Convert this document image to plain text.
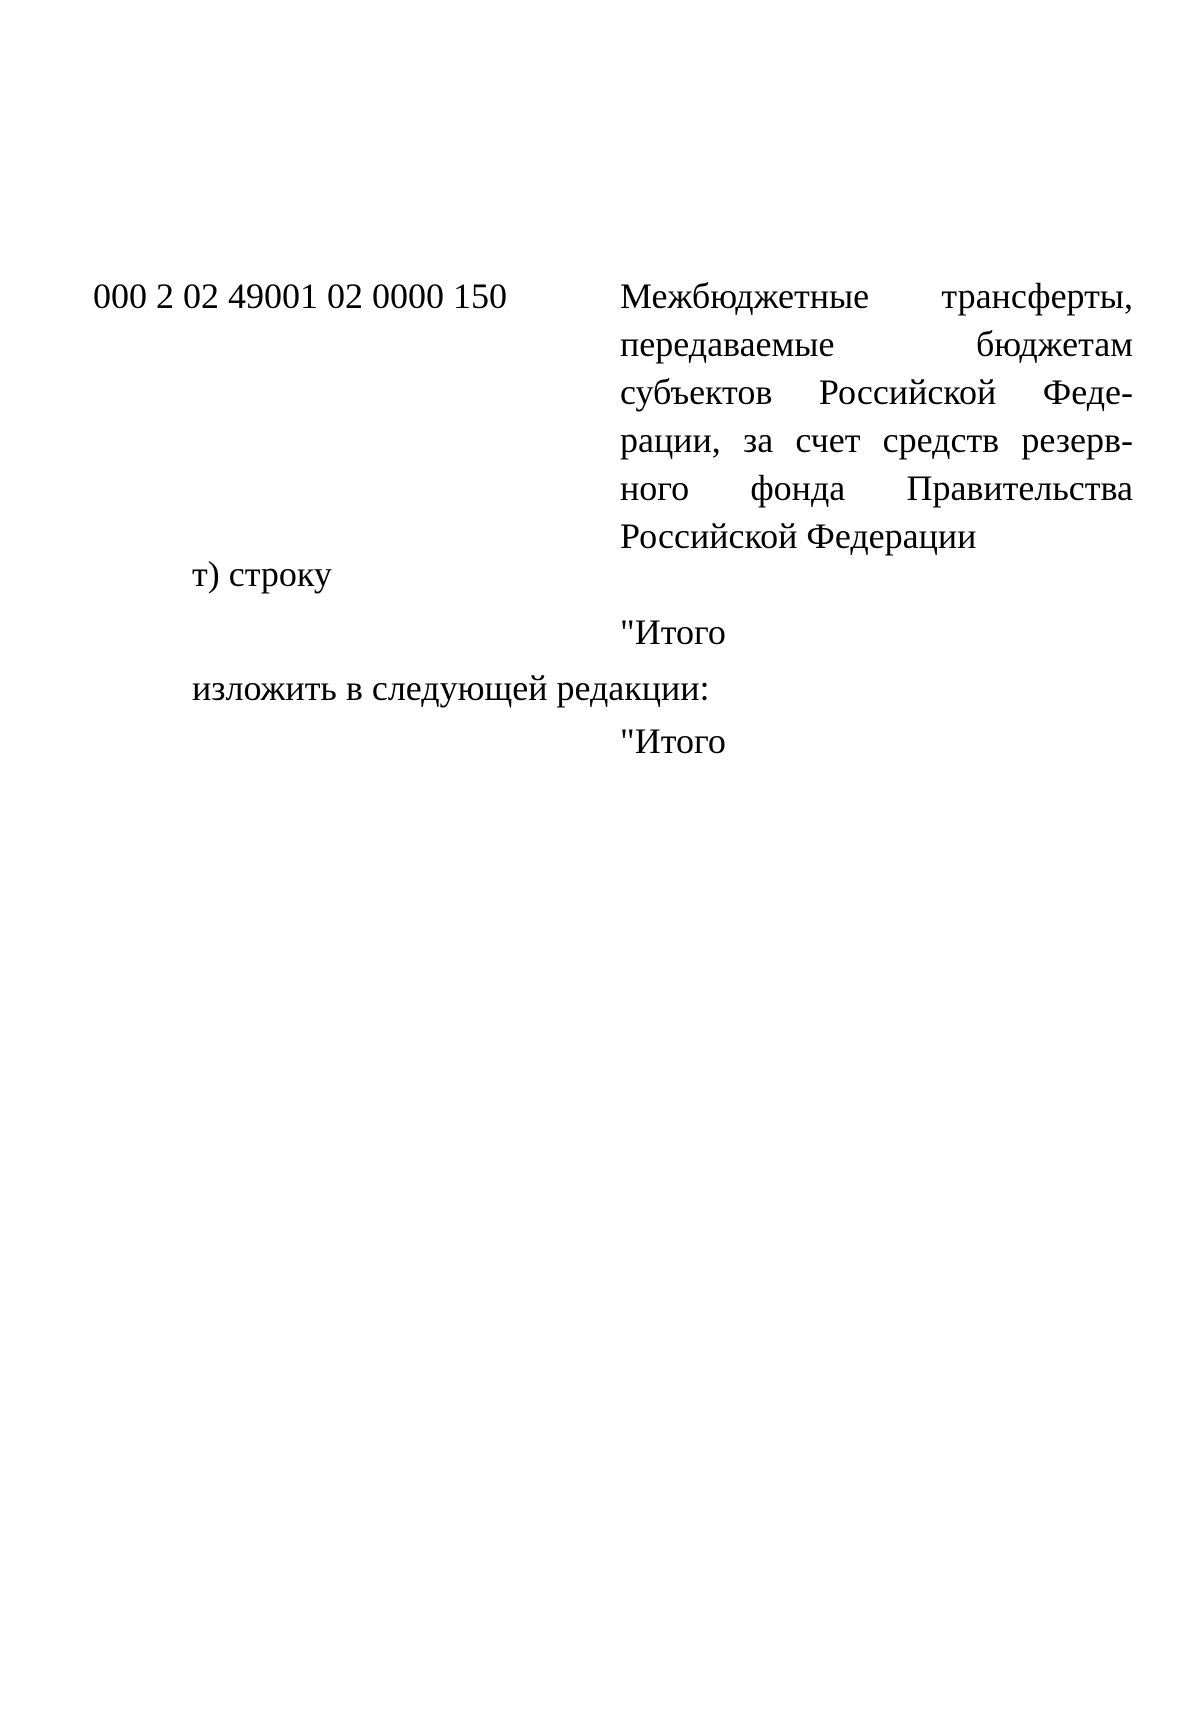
000 2 02 49001 02 0000 150	Межбюджетные трансферты,
передаваемые бюджетам
субъектов Российской Феде-
рации, за счет средств резерв-
ного фонда Правительства
Российской Федерации
т) строку
"Итого
изложить в следующей редакции:
"Итого
